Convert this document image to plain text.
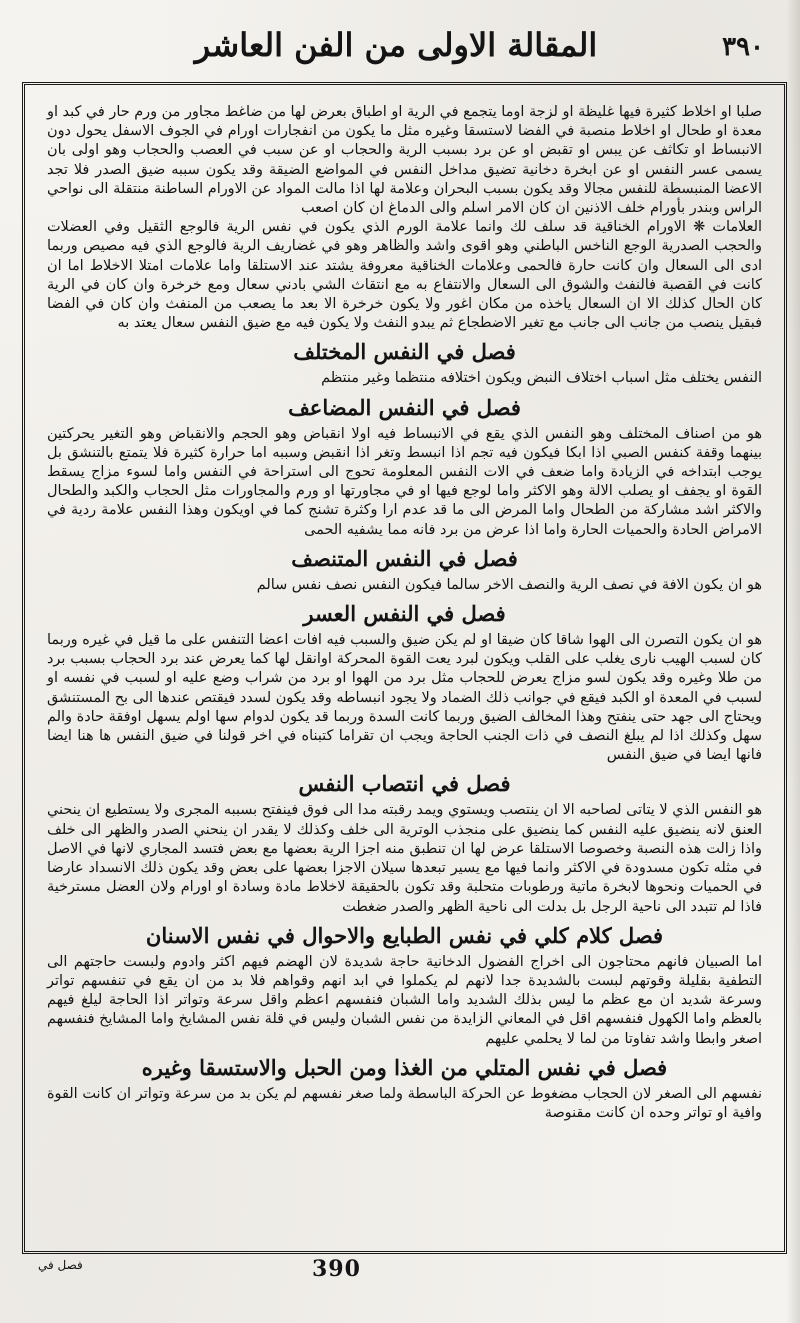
٣٩٠
المقالة الاولى من الفن العاشر

صلبا او اخلاط كثيرة فيها غليظة او لزجة اوما يتجمع في الرية او اطباق بعرض لها من ضاغط مجاور من ورم حار في كبد او معدة او طحال او اخلاط منصبة في الفضا لاستسقا وغيره مثل ما يكون من انفجارات اورام في الجوف الاسفل يحول دون الانبساط او تكاثف عن يبس او تقبض او عن برد بسبب الرية والحجاب او عن سبب في العصب والحجاب وهو اولى بان يسمى عسر النفس او عن ابخرة دخانية تضيق مداخل النفس في المواضع الضيقة وقد يكون سببه ضيق الصدر فلا تجد الاعضا المنبسطة للنفس مجالا وقد يكون بسبب البحران وعلامة لها اذا مالت المواد عن الاورام الساطنة منتقلة الى نواحي الراس وبندر بأورام خلف الاذنين ان كان الامر اسلم والى الدماغ ان كان اصعب

العلامات ❋ الاورام الخناقية قد سلف لك وانما علامة الورم الذي يكون في نفس الرية فالوجع الثقيل وفي العضلات والحجب الصدرية الوجع الناخس الباطني وهو اقوى واشد والظاهر وهو في غضاريف الرية فالوجع الذي فيه مصيص وربما ادى الى السعال وان كانت حارة فالحمى وعلامات الخناقية معروفة يشتد عند الاستلقا واما علامات امتلا الاخلاط اما ان كانت في القصبة فالنفث والشوق الى السعال والانتفاع به مع انتقاث الشي بادني سعال ومع خرخرة وان كان في الرية كان الحال كذلك الا ان السعال ياخذه من مكان اغور ولا يكون خرخرة الا بعد ما يصعب من المنفث وان كان في الفضا فبقيل ينصب من جانب الى جانب مع تغير الاضطجاع ثم يبدو النفث ولا يكون فيه مع ضيق النفس سعال يعتد به

فصل في النفس المختلف

النفس يختلف مثل اسباب اختلاف النبض ويكون اختلافه منتظما وغير منتظم

فصل في النفس المضاعف

هو من اصناف المختلف وهو النفس الذي يقع في الانبساط فيه اولا انقباض وهو الحجم والانقباض وهو التغير يحركتين بينهما وقفة كنفس الصبي اذا ابكا فيكون فيه تجم اذا انبسط وتغر اذا انقبض وسببه اما حرارة كثيرة فلا يتمتع بالتنشق بل يوجب ابتداخه في الزيادة واما ضعف في الات النفس المعلومة تحوج الى استراحة في النفس واما لسوء مزاج يسقط القوة او يجفف او يصلب الالة وهو الاكثر واما لوجع فيها او في مجاورتها او ورم والمجاورات مثل الحجاب والكبد والطحال والاكثر اشد مشاركة من الطحال واما المرض الى ما قد عدم ارا وكثرة تشنج كما في اويكون وهذا النفس علامة ردية في الامراض الحادة والحميات الحارة واما اذا عرض من برد فانه مما يشفيه الحمى

فصل في النفس المتنصف

هو ان يكون الافة في نصف الرية والنصف الاخر سالما فيكون النفس نصف نفس سالم

فصل في النفس العسر

هو ان يكون التصرن الى الهوا شاقا كان ضيقا او لم يكن ضيق والسبب فيه افات اعضا التنفس على ما قيل في غيره وربما كان لسبب الهيب نارى يغلب على القلب ويكون لبرد يعت القوة المحركة اوانقل لها كما يعرض عند برد الحجاب بسبب برد من طلا وغيره وقد يكون لسو مزاج يعرض للحجاب مثل برد من الهوا او برد من شراب وضع عليه او لسبب في نفسه او لسبب في المعدة او الكبد فيقع في جوانب ذلك الضماد ولا يجود انبساطه وقد يكون لسدد فيقتص عندها الى بح المستنشق ويحتاج الى جهد حتى ينفتح وهذا المخالف الضيق وربما كانت السدة وربما قد يكون لدوام سها اولم يسهل اوفقة حادة والم سهل وكذلك اذا لم يبلغ النصف في ذات الجنب الحاجة ويجب ان تقراما كتبناه في اخر قولنا في ضيق النفس ها هنا ايضا فانها ايضا في ضيق النفس

فصل في انتصاب النفس

هو النفس الذي لا يتاتى لصاحبه الا ان ينتصب ويستوي ويمد رقبته مدا الى فوق فينفتح بسببه المجرى ولا يستطيع ان ينحني العنق لانه ينضيق عليه النفس كما ينضيق على منجذب الوترية الى خلف وكذلك لا يقدر ان ينحني الصدر والظهر الى خلف واذا زالت هذه النصبة وخصوصا الاستلقا عرض لها ان تنطبق منه اجزا الرية بعضها مع بعض فتسد المجاري لانها في الاصل في مثله تكون مسدودة في الاكثر وانما فيها مع يسير تبعدها سيلان الاجزا بعضها على بعض وقد يكون ذلك الانسداد عارضا في الحميات ونحوها لابخرة ماتية ورطوبات متحلبة وقد تكون بالحقيقة لاخلاط مادة وسادة او اورام ولان العضل مسترخية فاذا لم تتبدد الى ناحية الرجل بل بدلت الى ناحية الظهر والصدر ضغطت

فصل كلام كلي في نفس الطبايع والاحوال في نفس الاسنان

اما الصبيان فانهم محتاجون الى اخراج الفضول الدخانية حاجة شديدة لان الهضم فيهم اكثر وادوم ولبست حاجتهم الى التطفية بقليلة وقوتهم لبست بالشديدة جدا لانهم لم يكملوا في ابد انهم وقواهم فلا بد من ان يقع في تنفسهم تواتر وسرعة شديد ان مع عظم ما ليس بذلك الشديد واما الشبان فنفسهم اعظم واقل سرعة وتواتر اذا الحاجة ليلغ فيهم بالعظم واما الكهول فنفسهم اقل في المعاني الزايدة من نفس الشبان وليس في قلة نفس المشايخ واما المشايخ فنفسهم اصغر وابطا واشد تفاوتا من لما لا يحلمي عليهم

فصل في نفس المتلي من الغذا ومن الحبل والاستسقا وغيره

نفسهم الى الصغر لان الحجاب مضغوط عن الحركة الباسطة ولما صغر نفسهم لم يكن بد من سرعة وتواتر ان كانت القوة وافية او تواتر وحده ان كانت مقنوصة

390
فصل في
